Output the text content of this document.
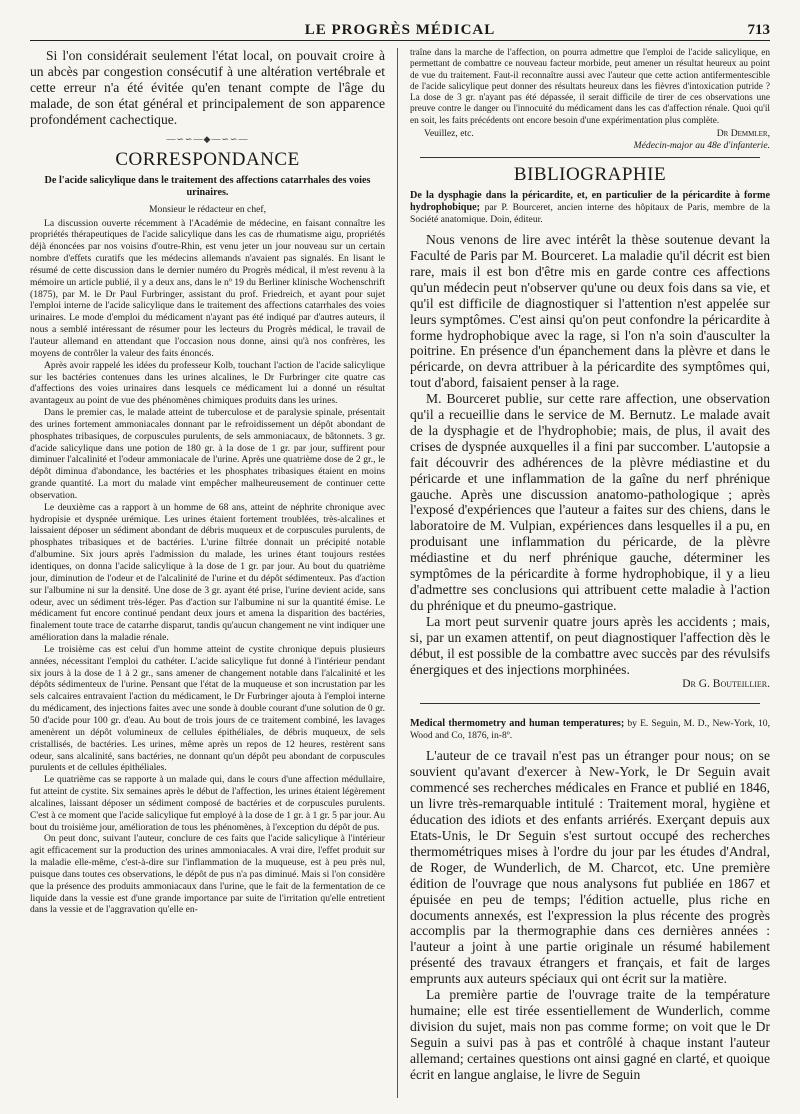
LE PROGRÈS MÉDICAL	713

Si l'on considérait seulement l'état local, on pouvait croire à un abcès par congestion consécutif à une altération vertébrale et cette erreur n'a été évitée qu'en tenant compte de l'âge du malade, de son état général et principalement de son apparence profondément cachectique.

—∽∽—◆—∽∽—
CORRESPONDANCE
De l'acide salicylique dans le traitement des affections catarrhales des voies urinaires.
Monsieur le rédacteur en chef,

La discussion ouverte récemment à l'Académie de médecine, en faisant connaître les propriétés thérapeutiques de l'acide salicylique dans les cas de rhumatisme aigu, propriétés déjà énoncées par nos voisins d'outre-Rhin, est venu jeter un jour nouveau sur un certain nombre d'effets curatifs que les médecins allemands n'avaient pas signalés. En lisant le résumé de cette discussion dans le dernier numéro du Progrès médical, il m'est revenu à la mémoire un article publié, il y a deux ans, dans le nº 19 du Berliner klinische Wochenschrift (1875), par M. le Dr Paul Furbringer, assistant du prof. Friedreich, et ayant pour sujet l'emploi interne de l'acide salicylique dans le traitement des affections catarrhales des voies urinaires. Le mode d'emploi du médicament n'ayant pas été indiqué par d'autres auteurs, il nous a semblé intéressant de résumer pour les lecteurs du Progrès médical, le travail de l'auteur allemand en attendant que l'occasion nous donne, ainsi qu'à nos confrères, les moyens de contrôler la valeur des faits énoncés.

Après avoir rappelé les idées du professeur Kolb, touchant l'action de l'acide salicylique sur les bactéries contenues dans les urines alcalines, le Dr Furbringer cite quatre cas d'affections des voies urinaires dans lesquels ce médicament lui a donné un résultat avantageux au point de vue des phénomènes chimiques produits dans les urines.

Dans le premier cas, le malade atteint de tuberculose et de paralysie spinale, présentait des urines fortement ammoniacales donnant par le refroidissement un dépôt abondant de phosphates tribasiques, de corpuscules purulents, de sels ammoniacaux, de bâtonnets. 3 gr. d'acide salicylique dans une potion de 180 gr. à la dose de 1 gr. par jour, suffirent pour diminuer l'alcalinité et l'odeur ammoniacale de l'urine. Après une quatrième dose de 2 gr., le dépôt diminua d'abondance, les bactéries et les phosphates tribasiques étaient en moins grande quantité. La mort du malade vint empêcher malheureusement de continuer cette observation.

Le deuxième cas a rapport à un homme de 68 ans, atteint de néphrite chronique avec hydropisie et dyspnée urémique. Les urines étaient fortement troublées, très-alcalines et laissaient déposer un sédiment abondant de débris muqueux et de corpuscules purulents, de phosphates tribasiques et de bactéries. L'urine filtrée donnait un précipité notable d'albumine. Six jours après l'admission du malade, les urines étant toujours restées identiques, on donna l'acide salicylique à la dose de 1 gr. par jour. Au bout du quatrième jour, diminution de l'odeur et de l'alcalinité de l'urine et du dépôt sédimenteux. Pas d'action sur l'albumine ni sur la densité. Une dose de 3 gr. ayant été prise, l'urine devient acide, sans odeur, avec un sédiment très-léger. Pas d'action sur l'albumine ni sur la quantité émise. Le médicament fut encore continué pendant deux jours et amena la disparition des bactéries, finalement toute trace de catarrhe disparut, tandis qu'aucun changement ne vint indiquer une amélioration dans la maladie rénale.

Le troisième cas est celui d'un homme atteint de cystite chronique depuis plusieurs années, nécessitant l'emploi du cathéter. L'acide salicylique fut donné à l'intérieur pendant six jours à la dose de 1 à 2 gr., sans amener de changement notable dans l'alcalinité et les dépôts sédimenteux de l'urine. Pensant que l'état de la muqueuse et son incrustation par les sels calcaires entravaient l'action du médicament, le Dr Furbringer ajouta à l'emploi interne du médicament, des injections faites avec une sonde à double courant d'une solution de 0 gr. 50 d'acide pour 100 gr. d'eau. Au bout de trois jours de ce traitement combiné, les lavages amenèrent un dépôt volumineux de cellules épithéliales, de débris muqueux, de sels cristallisés, de bactéries. Les urines, même après un repos de 12 heures, restèrent sans odeur, sans alcalinité, sans bactéries, ne donnant qu'un dépôt peu abondant de corpuscules purulents et de cellules épithéliales.

Le quatrième cas se rapporte à un malade qui, dans le cours d'une affection médullaire, fut atteint de cystite. Six semaines après le début de l'affection, les urines étaient légèrement alcalines, laissant déposer un sédiment composé de bactéries et de corpuscules purulents. C'est à ce moment que l'acide salicylique fut employé à la dose de 1 gr. à 1 gr. 5 par jour. Au bout du troisième jour, amélioration de tous les phénomènes, à l'exception du dépôt de pus.

On peut donc, suivant l'auteur, conclure de ces faits que l'acide salicylique à l'intérieur agit efficacement sur la production des urines ammoniacales. A vrai dire, l'effet produit sur la maladie elle-même, c'est-à-dire sur l'inflammation de la muqueuse, est à peu près nul, puisque dans toutes ces observations, le dépôt de pus n'a pas diminué. Mais si l'on considère que la présence des produits ammoniacaux dans l'urine, que le fait de la fermentation de ce liquide dans la vessie est d'une grande importance par suite de l'irritation qu'elle entretient dans la vessie et de l'aggravation qu'elle en-

traîne dans la marche de l'affection, on pourra admettre que l'emploi de l'acide salicylique, en permettant de combattre ce nouveau facteur morbide, peut amener un résultat heureux au point de vue du traitement. Faut-il reconnaître aussi avec l'auteur que cette action antifermentescible de l'acide salicylique peut donner des résultats heureux dans les fièvres d'intoxication putride ? La dose de 3 gr. n'ayant pas été dépassée, il serait difficile de tirer de ces observations une preuve contre le danger ou l'innocuité du médicament dans les cas d'affection rénale. Quoi qu'il en soit, les faits précédents ont encore besoin d'une expérimentation plus complète.

Veuillez, etc.	Dr Demmler,
Médecin-major au 48e d'infanterie.
BIBLIOGRAPHIE
De la dysphagie dans la péricardite, et, en particulier de la péricardite à forme hydrophobique; par P. Bourceret, ancien interne des hôpitaux de Paris, membre de la Société anatomique. Doin, éditeur.

Nous venons de lire avec intérêt la thèse soutenue devant la Faculté de Paris par M. Bourceret. La maladie qu'il décrit est bien rare, mais il est bon d'être mis en garde contre ces affections qu'un médecin peut n'observer qu'une ou deux fois dans sa vie, et qu'il est difficile de diagnostiquer si l'attention n'est appelée sur leurs symptômes. C'est ainsi qu'on peut confondre la péricardite à forme hydrophobique avec la rage, si l'on n'a soin d'ausculter la poitrine. En présence d'un épanchement dans la plèvre et dans le péricarde, on devra attribuer à la péricardite des symptômes qui, tout d'abord, faisaient penser à la rage.

M. Bourceret publie, sur cette rare affection, une observation qu'il a recueillie dans le service de M. Bernutz. Le malade avait de la dysphagie et de l'hydrophobie; mais, de plus, il avait des crises de dyspnée auxquelles il a fini par succomber. L'autopsie a fait découvrir des adhérences de la plèvre médiastine et du péricarde et une inflammation de la gaîne du nerf phrénique gauche. Après une discussion anatomo-pathologique ; après l'exposé d'expériences que l'auteur a faites sur des chiens, dans le laboratoire de M. Vulpian, expériences dans lesquelles il a pu, en produisant une inflammation du péricarde, de la plèvre médiastine et du nerf phrénique gauche, déterminer les symptômes de la péricardite à forme hydrophobique, il y a lieu d'admettre ses conclusions qui attribuent cette maladie à l'action du phrénique et du pneumo-gastrique.

La mort peut survenir quatre jours après les accidents ; mais, si, par un examen attentif, on peut diagnostiquer l'affection dès le début, il est possible de la combattre avec succès par des révulsifs énergiques et des injections morphinées.

Dr G. Bouteillier.
Medical thermometry and human temperatures; by E. Seguin, M. D., New-York, 10, Wood and Co, 1876, in-8º.

L'auteur de ce travail n'est pas un étranger pour nous; on se souvient qu'avant d'exercer à New-York, le Dr Seguin avait commencé ses recherches médicales en France et publié en 1846, un livre très-remarquable intitulé : Traitement moral, hygiène et éducation des idiots et des enfants arriérés. Exerçant depuis aux Etats-Unis, le Dr Seguin s'est surtout occupé des recherches thermométriques mises à l'ordre du jour par les études d'Andral, de Roger, de Wunderlich, de M. Charcot, etc. Une première édition de l'ouvrage que nous analysons fut publiée en 1867 et épuisée en peu de temps; l'édition actuelle, plus riche en documents annexés, est l'expression la plus récente des progrès accomplis par la thermographie dans ces dernières années : l'auteur a joint à une partie originale un résumé habilement présenté des travaux étrangers et français, et fait de larges emprunts aux auteurs spéciaux qui ont écrit sur la matière.

La première partie de l'ouvrage traite de la température humaine; elle est tirée essentiellement de Wunderlich, comme division du sujet, mais non pas comme forme; on voit que le Dr Seguin a suivi pas à pas et contrôlé à chaque instant l'auteur allemand; certaines questions ont ainsi gagné en clarté, et quoique écrit en langue anglaise, le livre de Seguin
